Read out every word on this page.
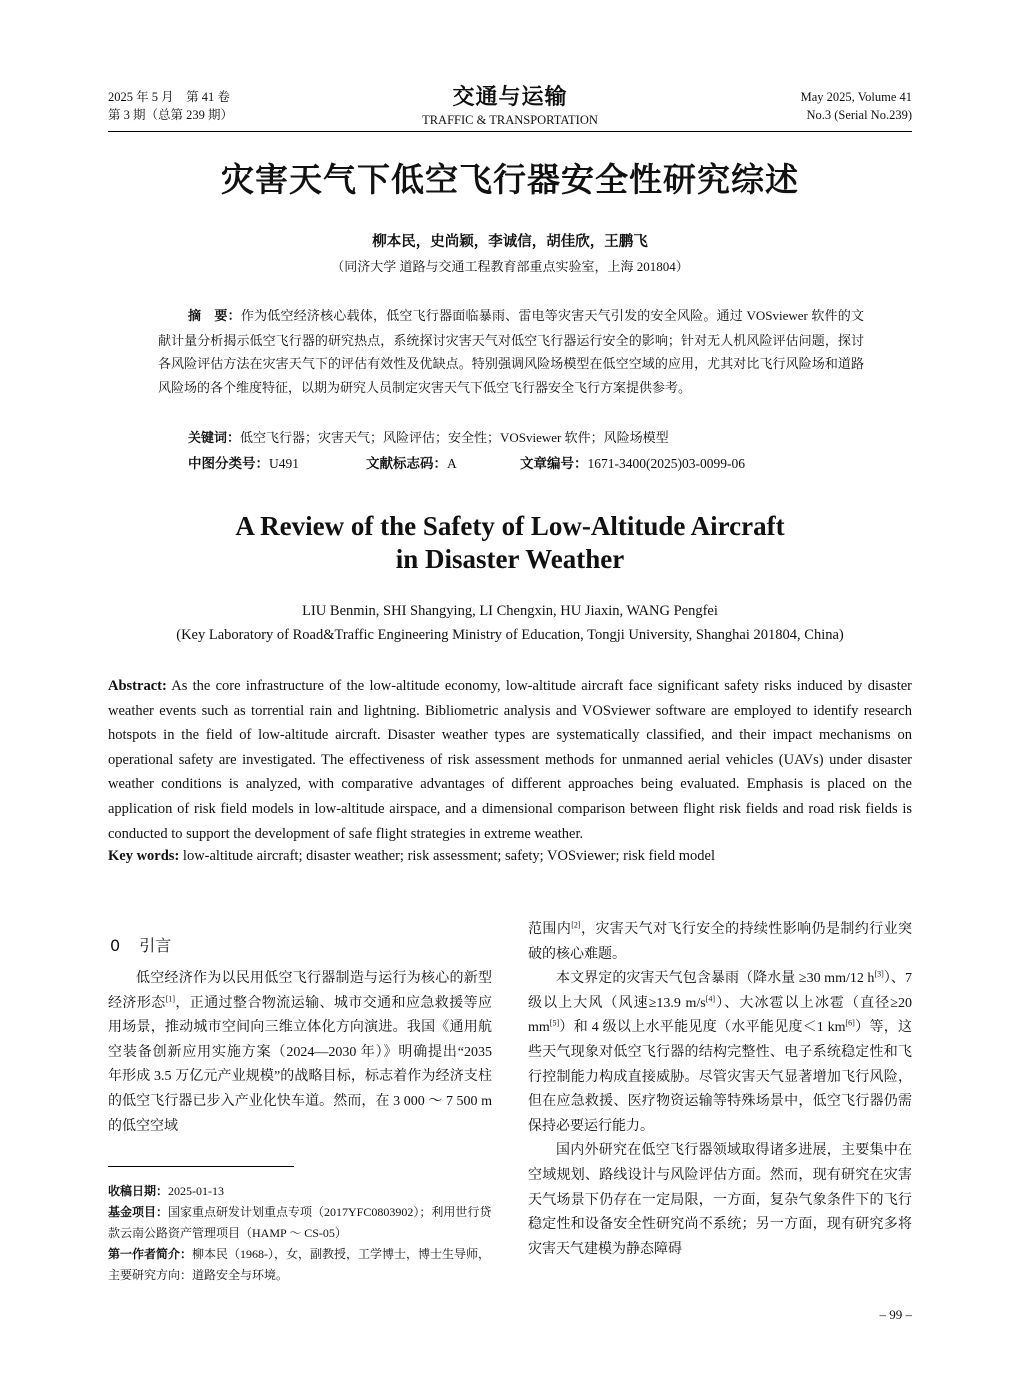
2025 年 5 月　第 41 卷
第 3 期（总第 239 期）
交通与运输
TRAFFIC & TRANSPORTATION
May 2025, Volume 41
No.3 (Serial No.239)
灾害天气下低空飞行器安全性研究综述
柳本民，史尚颖，李诚信，胡佳欣，王鹏飞
（同济大学 道路与交通工程教育部重点实验室，上海 201804）
摘　要：作为低空经济核心载体，低空飞行器面临暴雨、雷电等灾害天气引发的安全风险。通过 VOSviewer 软件的文献计量分析揭示低空飞行器的研究热点，系统探讨灾害天气对低空飞行器运行安全的影响；针对无人机风险评估问题，探讨各风险评估方法在灾害天气下的评估有效性及优缺点。特别强调风险场模型在低空空域的应用，尤其对比飞行风险场和道路风险场的各个维度特征，以期为研究人员制定灾害天气下低空飞行器安全飞行方案提供参考。
关键词：低空飞行器；灾害天气；风险评估；安全性；VOSviewer 软件；风险场模型
中图分类号：U491	文献标志码：A	文章编号：1671-3400(2025)03-0099-06
A Review of the Safety of Low-Altitude Aircraft
in Disaster Weather
LIU Benmin, SHI Shangying, LI Chengxin, HU Jiaxin, WANG Pengfei
(Key Laboratory of Road&Traffic Engineering Ministry of Education, Tongji University, Shanghai 201804, China)
Abstract: As the core infrastructure of the low-altitude economy, low-altitude aircraft face significant safety risks induced by disaster weather events such as torrential rain and lightning. Bibliometric analysis and VOSviewer software are employed to identify research hotspots in the field of low-altitude aircraft. Disaster weather types are systematically classified, and their impact mechanisms on operational safety are investigated. The effectiveness of risk assessment methods for unmanned aerial vehicles (UAVs) under disaster weather conditions is analyzed, with comparative advantages of different approaches being evaluated. Emphasis is placed on the application of risk field models in low-altitude airspace, and a dimensional comparison between flight risk fields and road risk fields is conducted to support the development of safe flight strategies in extreme weather.
Key words: low-altitude aircraft; disaster weather; risk assessment; safety; VOSviewer; risk field model
0 引言

低空经济作为以民用低空飞行器制造与运行为核心的新型经济形态[1]，正通过整合物流运输、城市交通和应急救援等应用场景，推动城市空间向三维立体化方向演进。我国《通用航空装备创新应用实施方案（2024—2030 年）》明确提出“2035 年形成 3.5 万亿元产业规模”的战略目标，标志着作为经济支柱的低空飞行器已步入产业化快车道。然而，在 3 000 ～ 7 500 m 的低空空域

收稿日期：2025-01-13

基金项目：国家重点研发计划重点专项（2017YFC0803902）；利用世行贷款云南公路资产管理项目（HAMP ～ CS-05）

第一作者简介：柳本民（1968-），女，副教授，工学博士，博士生导师，主要研究方向：道路安全与环境。

范围内[2]，灾害天气对飞行安全的持续性影响仍是制约行业突破的核心难题。

本文界定的灾害天气包含暴雨（降水量 ≥30 mm/12 h[3]）、7 级以上大风（风速≥13.9 m/s[4]）、大冰雹以上冰雹（直径≥20 mm[5]）和 4 级以上水平能见度（水平能见度＜1 km[6]）等，这些天气现象对低空飞行器的结构完整性、电子系统稳定性和飞行控制能力构成直接威胁。尽管灾害天气显著增加飞行风险，但在应急救援、医疗物资运输等特殊场景中，低空飞行器仍需保持必要运行能力。

国内外研究在低空飞行器领域取得诸多进展，主要集中在空域规划、路线设计与风险评估方面。然而，现有研究在灾害天气场景下仍存在一定局限，一方面，复杂气象条件下的飞行稳定性和设备安全性研究尚不系统；另一方面，现有研究多将灾害天气建模为静态障碍

– 99 –
